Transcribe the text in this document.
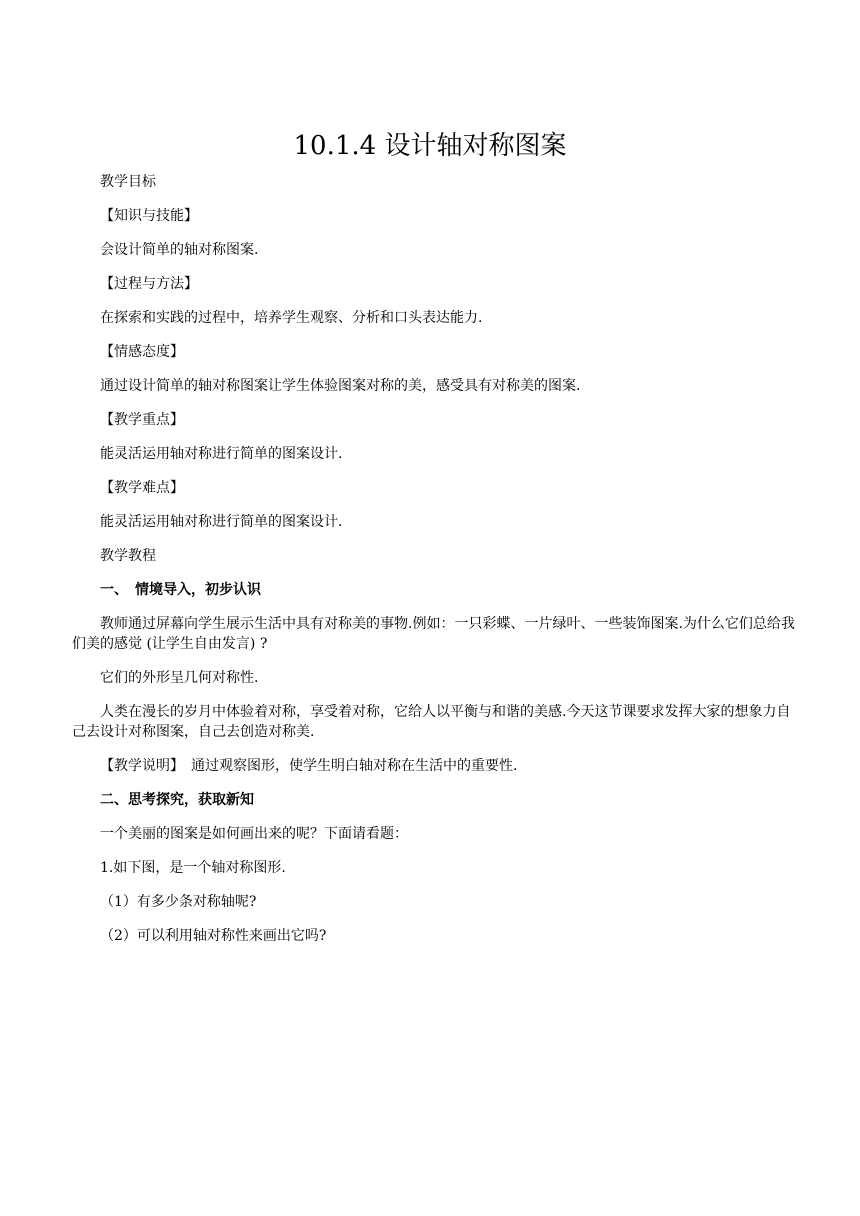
10.1.4 设计轴对称图案

教学目标

【知识与技能】

会设计简单的轴对称图案.

【过程与方法】

在探索和实践的过程中，培养学生观察、分析和口头表达能力.

【情感态度】

通过设计简单的轴对称图案让学生体验图案对称的美，感受具有对称美的图案.

【教学重点】

能灵活运用轴对称进行简单的图案设计.

【教学难点】

能灵活运用轴对称进行简单的图案设计.

教学教程

一、　情境导入，初步认识

教师通过屏幕向学生展示生活中具有对称美的事物.例如：一只彩蝶、一片绿叶、一些装饰图案.为什么它们总给我们美的感觉 (让学生自由发言) ?

它们的外形呈几何对称性.

人类在漫长的岁月中体验着对称，享受着对称，它给人以平衡与和谐的美感.今天这节课要求发挥大家的想象力自己去设计对称图案，自己去创造对称美.

【教学说明】　通过观察图形，使学生明白轴对称在生活中的重要性.

二、思考探究，获取新知

一个美丽的图案是如何画出来的呢？下面请看题：

1.如下图，是一个轴对称图形.

（1）有多少条对称轴呢?

（2）可以利用轴对称性来画出它吗?
